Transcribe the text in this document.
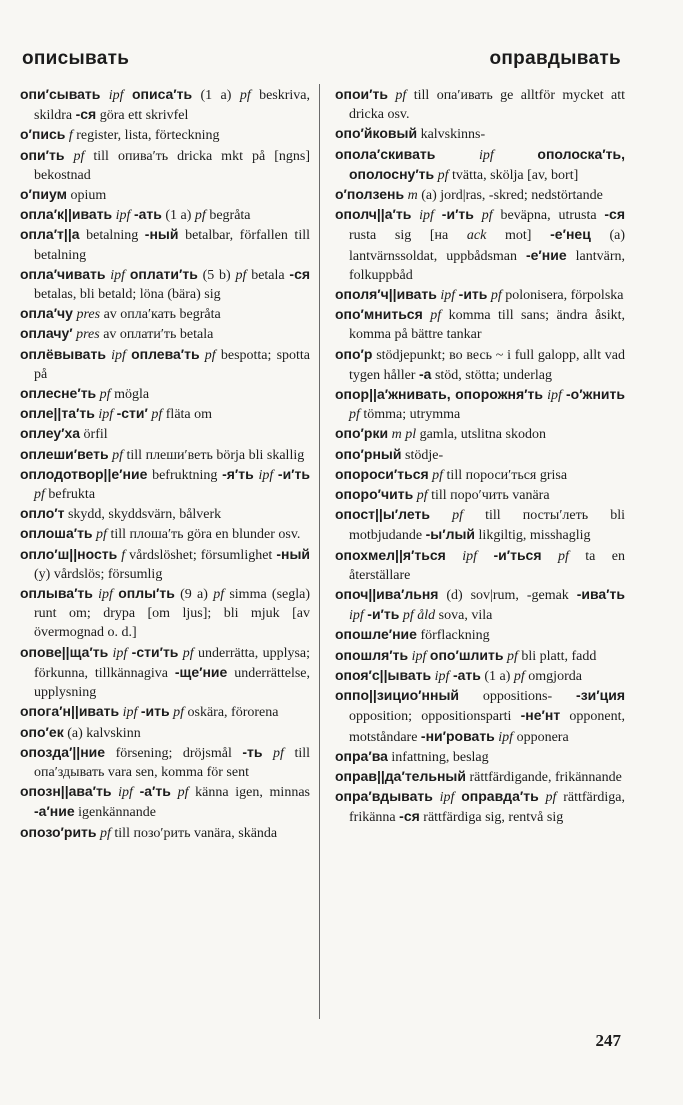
описывать	оправдывать

опи′сывать ipf описа′ть (1 a) pf beskriva, skildra -ся göra ett skrivfel

о′пись f register, lista, förteckning

опи′ть pf till опива′ть dricka mkt på [ngns] bekostnad

о′пиум opium

опла′к||ивать ipf -ать (1 a) pf begråta

опла′т||а betalning -ный betalbar, förfallen till betalning

опла′чивать ipf оплати′ть (5 b) pf betala -ся betalas, bli betald; löna (bära) sig

опла′чу pres av опла′кать begråta

оплачу′ pres av оплати′ть betala

оплёвывать ipf оплева′ть pf bespotta; spotta på

оплесне′ть pf mögla

опле||та′ть ipf -сти′ pf fläta om

оплеу′ха örfil

оплеши′веть pf till плеши′веть börja bli skallig

оплодотвор||е′ние befruktning -я′ть ipf -и′ть pf befrukta

опло′т skydd, skyddsvärn, bålverk

оплоша′ть pf till плоша′ть göra en blunder osv.

опло′ш||ность f vårdslöshet; försumlighet -ный (y) vårdslös; försumlig

оплыва′ть ipf оплы′ть (9 a) pf simma (segla) runt om; drypa [om ljus]; bli mjuk [av övermognad o. d.]

опове||ща′ть ipf -сти′ть pf underrätta, upplysa; förkunna, tillkännagiva -ще′ние underrättelse, upplysning

опога′н||ивать ipf -ить pf oskära, förorena

опо′ек (a) kalvskinn

опозда′||ние försening; dröjsmål -ть pf till опа′здывать vara sen, komma för sent

опозн||ава′ть ipf -а′ть pf känna igen, minnas -а′ние igenkännande

опозо′рить pf till позо′рить vanära, skända

опои′ть pf till опа′ивать ge alltför mycket att dricka osv.

опо′йковый kalvskinns-

опола′скивать	ipf	ополоска′ть, ополосну′ть pf tvätta, skölja [av, bort]

о′ползень m (a) jord|ras, -skred; nedstörtande

ополч||а′ть ipf -и′ть pf beväpna, utrusta -ся rusta sig [на ack mot] -е′нец (a) lantvärnssoldat, uppbådsman -е′ние lantvärn, folkuppbåd

ополя′ч||ивать ipf -ить pf polonisera, förpolska

опо′мниться pf komma till sans; ändra åsikt, komma på bättre tankar

опо′р stödjepunkt; во весь ~ i full galopp, allt vad tygen håller -а stöd, stötta; underlag

опор||а′жнивать, опорожня′ть ipf -о′жнить pf tömma; utrymma

опо′рки m pl gamla, utslitna skodon

опо′рный stödje-

опороси′ться pf till пороси′ться grisa

опоро′чить pf till поро′чить vanära

опост||ы′леть pf till посты′леть bli motbjudande -ы′лый likgiltig, misshaglig

опохмел||я′ться ipf -и′ться pf ta en återställare

опоч||ива′льня (d) sov|rum, -gemak -ива′ть ipf -и′ть pf åld sova, vila

опошле′ние förflackning

опошля′ть ipf опо′шлить pf bli platt, fadd

опоя′с||ывать ipf -ать (1 a) pf omgjorda

оппо||зицио′нный oppositions- -зи′ция opposition; oppositionsparti -не′нт opponent, motståndare -ни′ровать ipf opponera

опра′ва infattning, beslag

оправ||да′тельный rättfärdigande, frikännande

опра′вдывать ipf оправда′ть pf rättfärdiga, frikänna -ся rättfärdiga sig, rentvå sig

247
